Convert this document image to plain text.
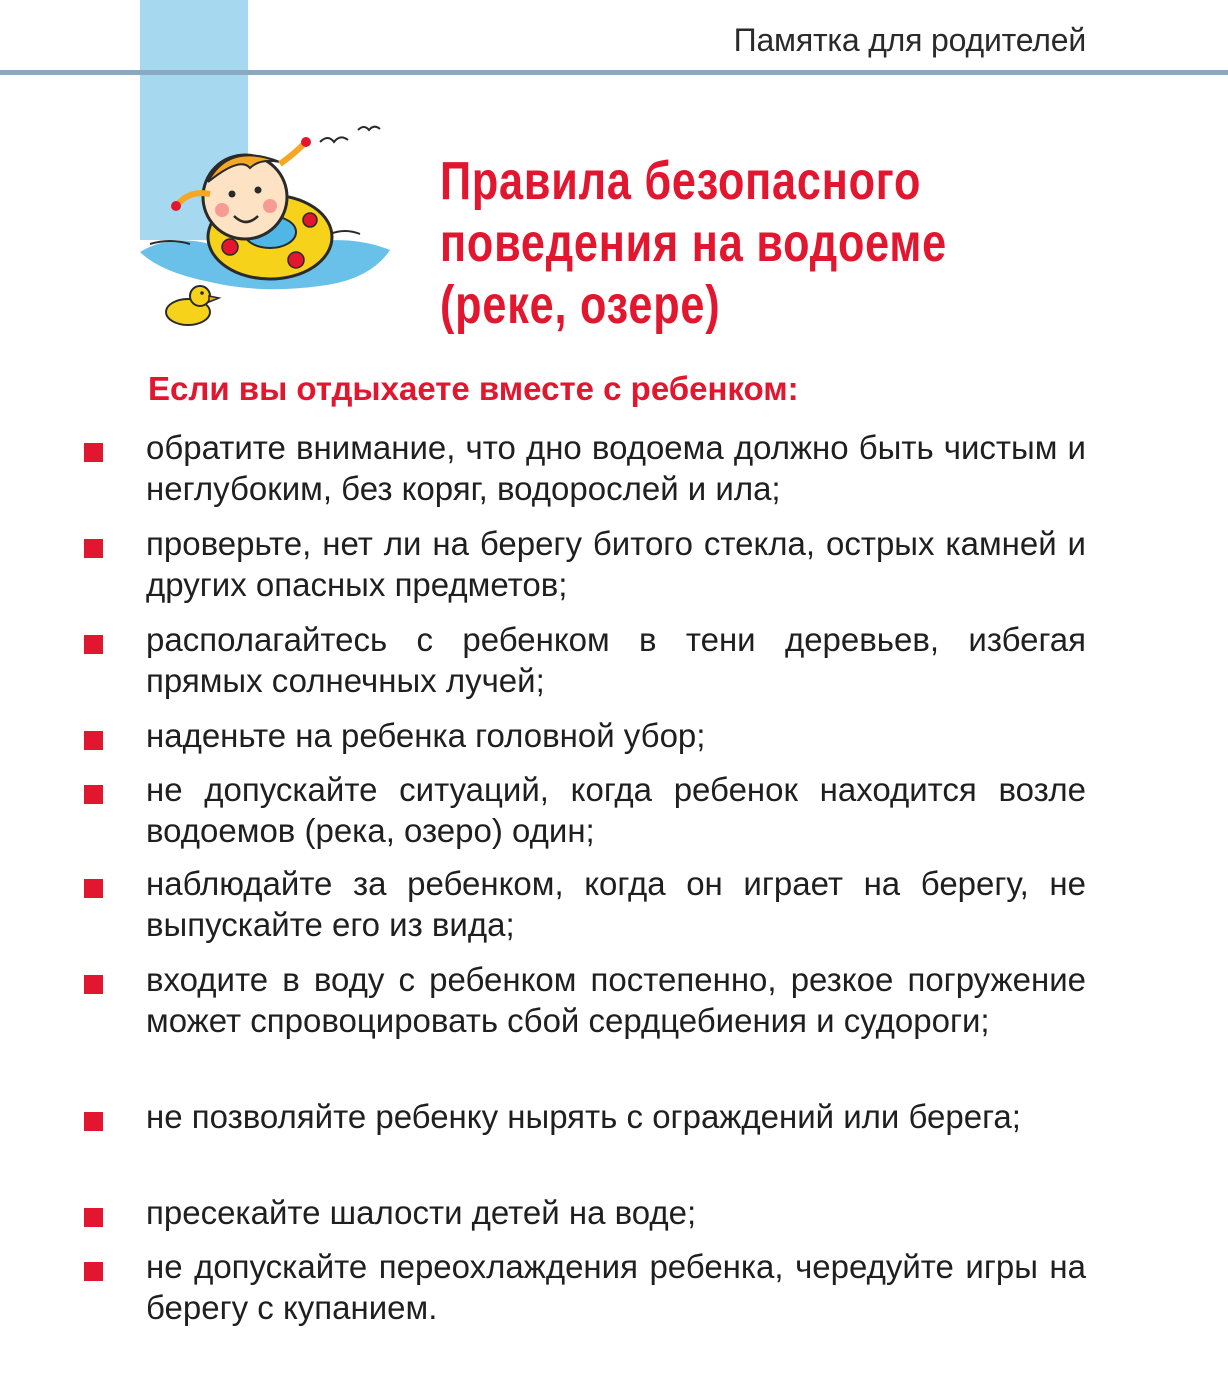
Памятка для родителей
Правила безопасного
поведения на водоеме
(реке, озере)
Если вы отдыхаете вместе с ребенком:
обратите внимание, что дно водоема должно быть чистым и неглубоким, без коряг, водорослей и ила;
проверьте, нет ли на берегу битого стекла, острых камней и других опасных предметов;
располагайтесь с ребенком в тени деревьев, избегая прямых солнечных лучей;
наденьте на ребенка головной убор;
не допускайте ситуаций, когда ребенок находится возле водоемов (река, озеро) один;
наблюдайте за ребенком, когда он играет на берегу, не выпускайте его из вида;
входите в воду с ребенком постепенно, резкое погружение может спровоцировать сбой сердцебиения и судороги;
не позволяйте ребенку нырять с ограждений или берега;
пресекайте шалости детей на воде;
не допускайте переохлаждения ребенка, чередуйте игры на берегу с купанием.
